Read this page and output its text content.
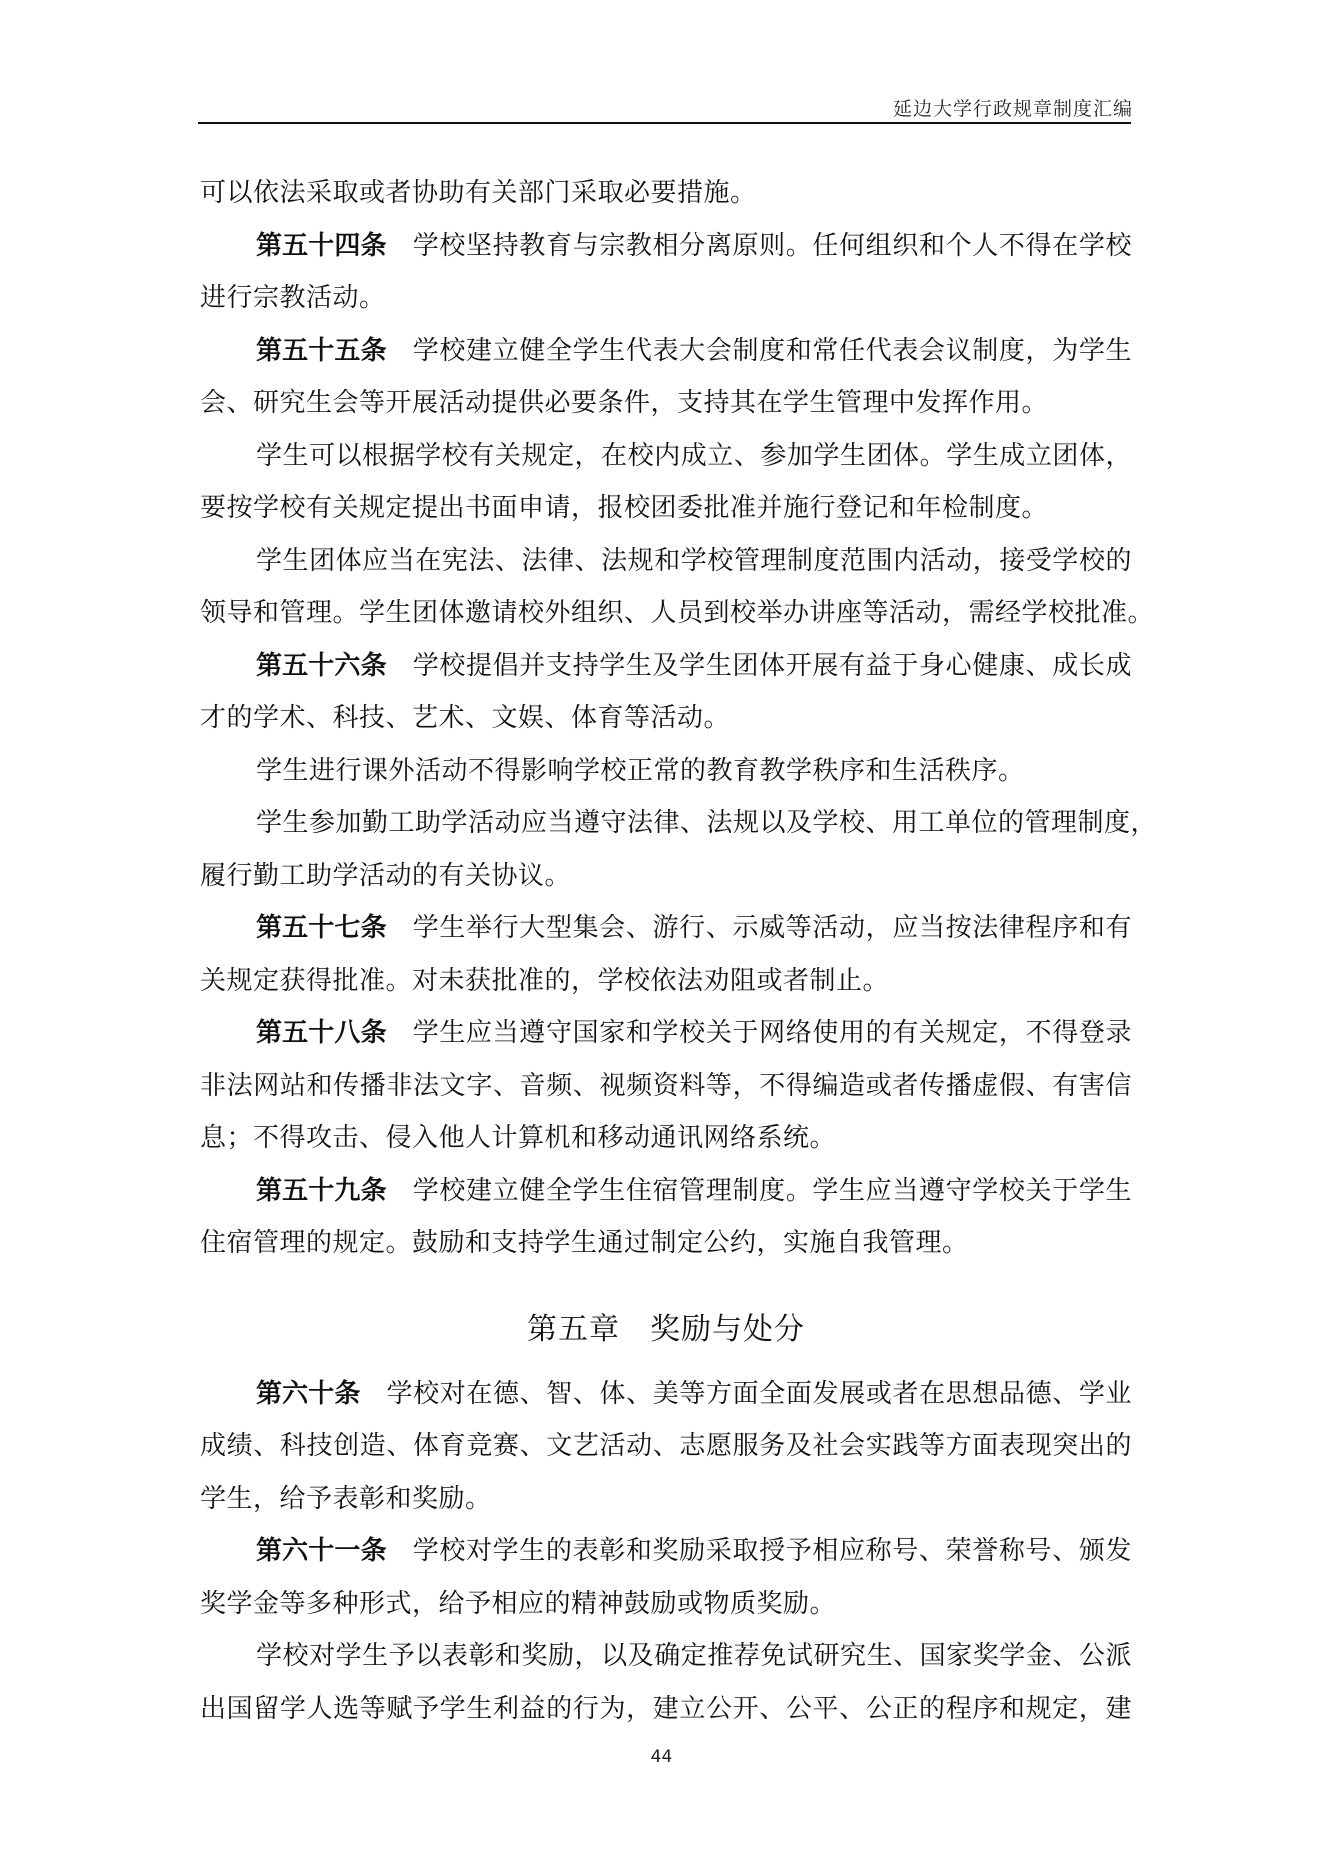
延边大学行政规章制度汇编
可以依法采取或者协助有关部门采取必要措施。
第五十四条 学校坚持教育与宗教相分离原则。任何组织和个人不得在学校
进行宗教活动。
第五十五条 学校建立健全学生代表大会制度和常任代表会议制度，为学生
会、研究生会等开展活动提供必要条件，支持其在学生管理中发挥作用。
学生可以根据学校有关规定，在校内成立、参加学生团体。学生成立团体，
要按学校有关规定提出书面申请，报校团委批准并施行登记和年检制度。
学生团体应当在宪法、法律、法规和学校管理制度范围内活动，接受学校的
领导和管理。学生团体邀请校外组织、人员到校举办讲座等活动，需经学校批准。
第五十六条 学校提倡并支持学生及学生团体开展有益于身心健康、成长成
才的学术、科技、艺术、文娱、体育等活动。
学生进行课外活动不得影响学校正常的教育教学秩序和生活秩序。
学生参加勤工助学活动应当遵守法律、法规以及学校、用工单位的管理制度，
履行勤工助学活动的有关协议。
第五十七条 学生举行大型集会、游行、示威等活动，应当按法律程序和有
关规定获得批准。对未获批准的，学校依法劝阻或者制止。
第五十八条 学生应当遵守国家和学校关于网络使用的有关规定，不得登录
非法网站和传播非法文字、音频、视频资料等，不得编造或者传播虚假、有害信
息；不得攻击、侵入他人计算机和移动通讯网络系统。
第五十九条 学校建立健全学生住宿管理制度。学生应当遵守学校关于学生
住宿管理的规定。鼓励和支持学生通过制定公约，实施自我管理。
第五章 奖励与处分
第六十条 学校对在德、智、体、美等方面全面发展或者在思想品德、学业
成绩、科技创造、体育竞赛、文艺活动、志愿服务及社会实践等方面表现突出的
学生，给予表彰和奖励。
第六十一条 学校对学生的表彰和奖励采取授予相应称号、荣誉称号、颁发
奖学金等多种形式，给予相应的精神鼓励或物质奖励。
学校对学生予以表彰和奖励，以及确定推荐免试研究生、国家奖学金、公派
出国留学人选等赋予学生利益的行为，建立公开、公平、公正的程序和规定，建
44
